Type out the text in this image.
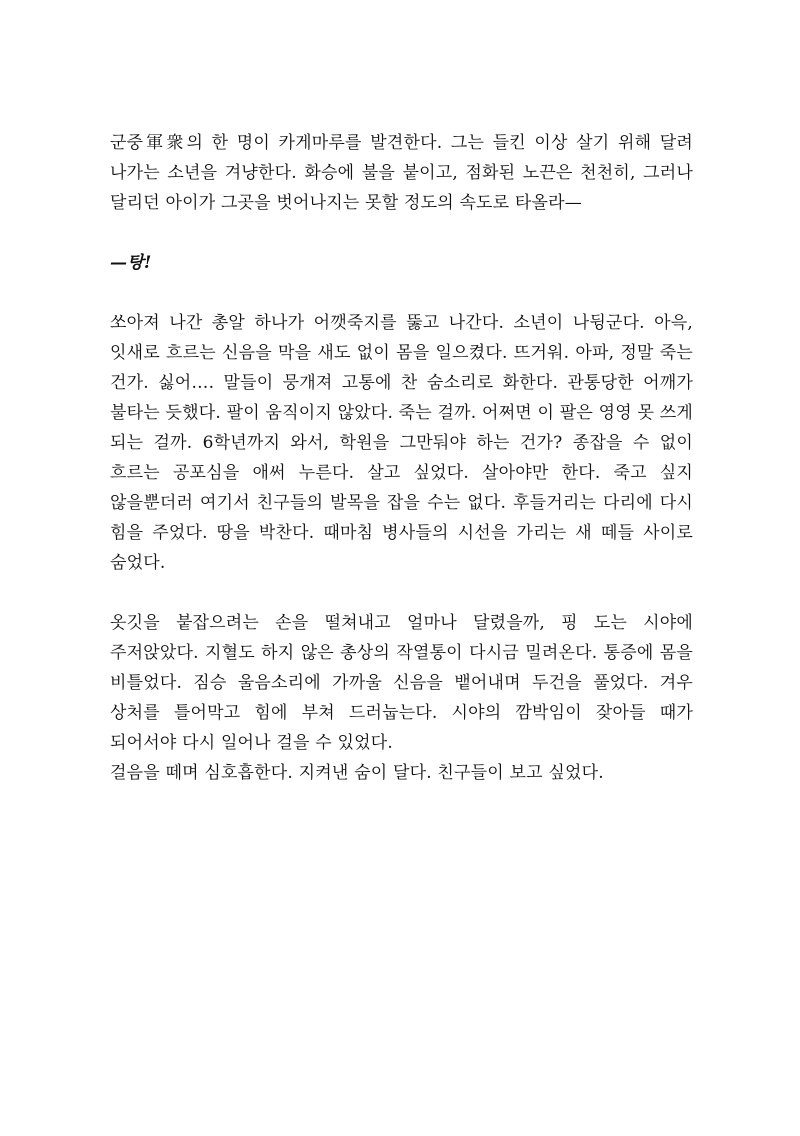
군중軍衆의 한 명이 카게마루를 발견한다. 그는 들킨 이상 살기 위해 달려 나가는 소년을 겨냥한다. 화승에 불을 붙이고, 점화된 노끈은 천천히, 그러나 달리던 아이가 그곳을 벗어나지는 못할 정도의 속도로 타올라—

—탕!

쏘아져 나간 총알 하나가 어깻죽지를 뚫고 나간다. 소년이 나뒹군다. 아윽, 잇새로 흐르는 신음을 막을 새도 없이 몸을 일으켰다. 뜨거워. 아파, 정말 죽는 건가. 싫어…. 말들이 뭉개져 고통에 찬 숨소리로 화한다. 관통당한 어깨가 불타는 듯했다. 팔이 움직이지 않았다. 죽는 걸까. 어쩌면 이 팔은 영영 못 쓰게 되는 걸까. 6학년까지 와서, 학원을 그만둬야 하는 건가? 종잡을 수 없이 흐르는 공포심을 애써 누른다. 살고 싶었다. 살아야만 한다. 죽고 싶지 않을뿐더러 여기서 친구들의 발목을 잡을 수는 없다. 후들거리는 다리에 다시 힘을 주었다. 땅을 박찬다. 때마침 병사들의 시선을 가리는 새 떼들 사이로 숨었다.

옷깃을 붙잡으려는 손을 떨쳐내고 얼마나 달렸을까, 핑 도는 시야에 주저앉았다. 지혈도 하지 않은 총상의 작열통이 다시금 밀려온다. 통증에 몸을 비틀었다. 짐승 울음소리에 가까울 신음을 뱉어내며 두건을 풀었다. 겨우 상처를 틀어막고 힘에 부쳐 드러눕는다. 시야의 깜박임이 잦아들 때가 되어서야 다시 일어나 걸을 수 있었다.

걸음을 떼며 심호흡한다. 지켜낸 숨이 달다. 친구들이 보고 싶었다.
